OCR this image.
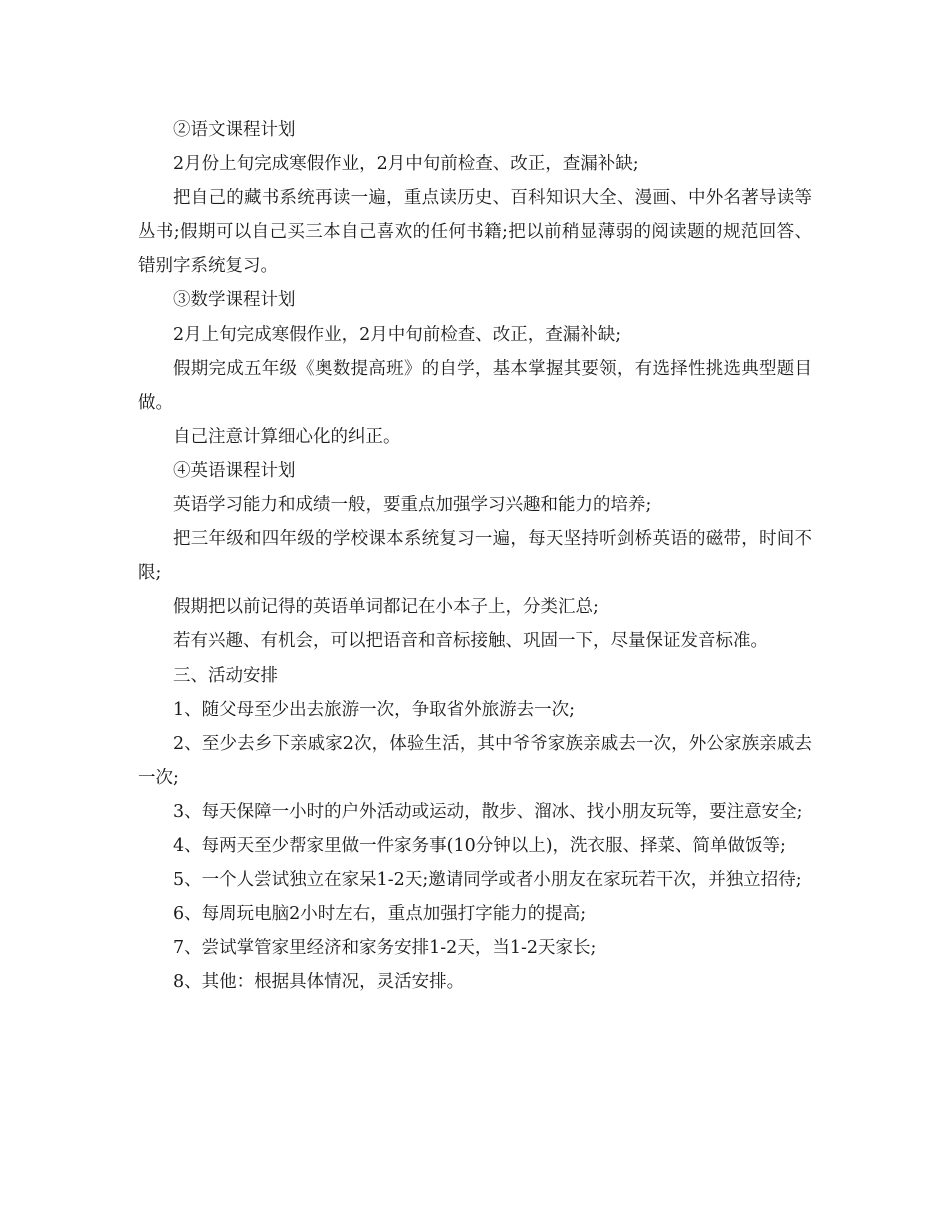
②语文课程计划

2月份上旬完成寒假作业，2月中旬前检查、改正，查漏补缺;

把自己的藏书系统再读一遍，重点读历史、百科知识大全、漫画、中外名著导读等丛书;假期可以自己买三本自己喜欢的任何书籍;把以前稍显薄弱的阅读题的规范回答、错别字系统复习。

③数学课程计划

2月上旬完成寒假作业，2月中旬前检查、改正，查漏补缺;

假期完成五年级《奥数提高班》的自学，基本掌握其要领，有选择性挑选典型题目做。

自己注意计算细心化的纠正。

④英语课程计划

英语学习能力和成绩一般，要重点加强学习兴趣和能力的培养;

把三年级和四年级的学校课本系统复习一遍，每天坚持听剑桥英语的磁带，时间不限;

假期把以前记得的英语单词都记在小本子上，分类汇总;

若有兴趣、有机会，可以把语音和音标接触、巩固一下，尽量保证发音标准。

三、活动安排

1、随父母至少出去旅游一次，争取省外旅游去一次;

2、至少去乡下亲戚家2次，体验生活，其中爷爷家族亲戚去一次，外公家族亲戚去一次;

3、每天保障一小时的户外活动或运动，散步、溜冰、找小朋友玩等，要注意安全;

4、每两天至少帮家里做一件家务事(10分钟以上)，洗衣服、择菜、简单做饭等;

5、一个人尝试独立在家呆1-2天;邀请同学或者小朋友在家玩若干次，并独立招待;

6、每周玩电脑2小时左右，重点加强打字能力的提高;

7、尝试掌管家里经济和家务安排1-2天，当1-2天家长;

8、其他：根据具体情况，灵活安排。
